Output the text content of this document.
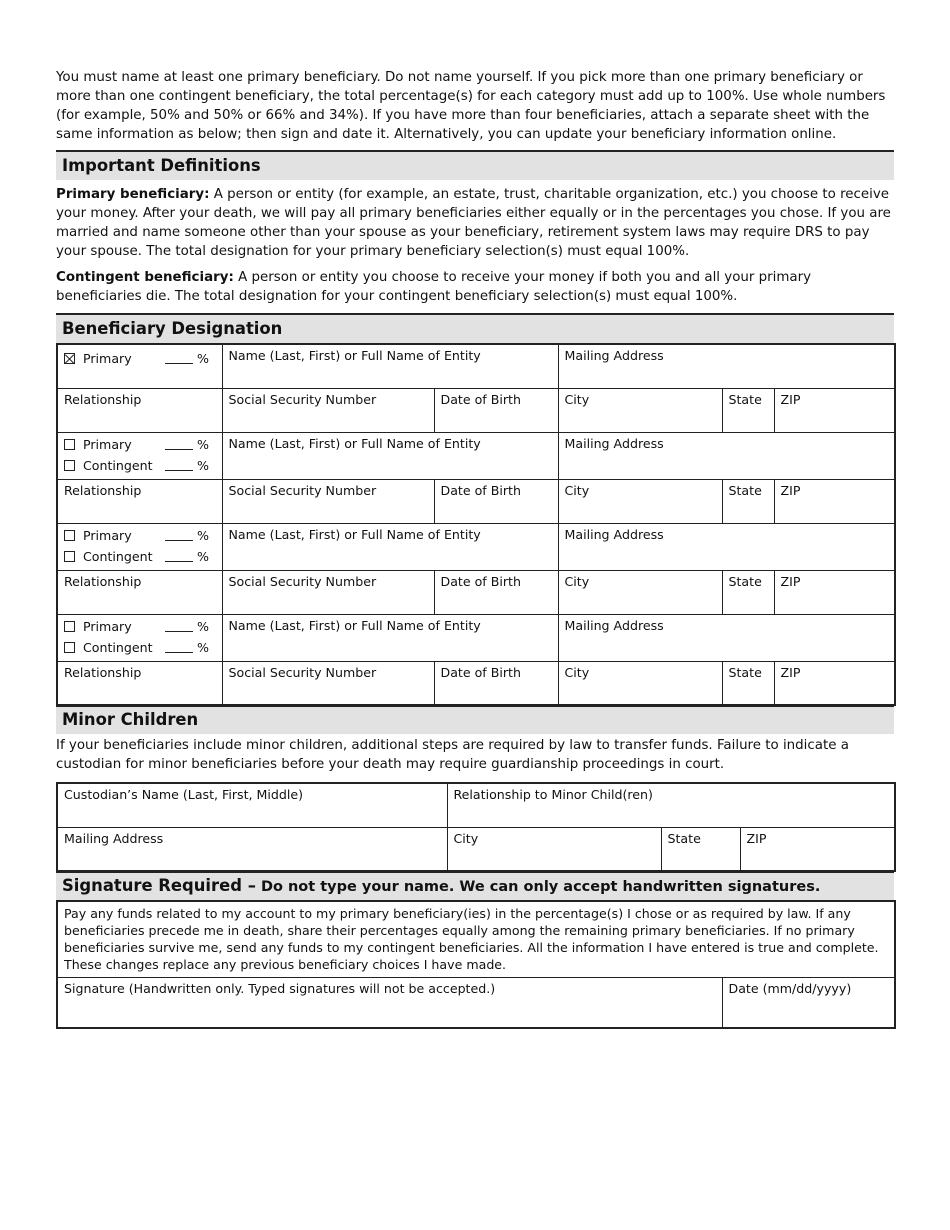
You must name at least one primary beneficiary. Do not name yourself. If you pick more than one primary beneficiary or more than one contingent beneficiary, the total percentage(s) for each category must add up to 100%. Use whole numbers (for example, 50% and 50% or 66% and 34%). If you have more than four beneficiaries, attach a separate sheet with the same information as below; then sign and date it. Alternatively, you can update your beneficiary information online.

Important Definitions

Primary beneficiary: A person or entity (for example, an estate, trust, charitable organization, etc.) you choose to receive your money. After your death, we will pay all primary beneficiaries either equally or in the percentages you chose. If you are married and name someone other than your spouse as your beneficiary, retirement system laws may require DRS to pay your spouse. The total designation for your primary beneficiary selection(s) must equal 100%.

Contingent beneficiary: A person or entity you choose to receive your money if both you and all your primary beneficiaries die. The total designation for your contingent beneficiary selection(s) must equal 100%.

Beneficiary Designation
Primary %	Name (Last, First) or Full Name of Entity		Mailing Address		
Relationship	Social Security Number	Date of Birth	City	State	ZIP

Primary %
Contingent %	Name (Last, First) or Full Name of Entity		Mailing Address		
Relationship	Social Security Number	Date of Birth	City	State	ZIP

Primary %
Contingent %	Name (Last, First) or Full Name of Entity		Mailing Address		
Relationship	Social Security Number	Date of Birth	City	State	ZIP

Primary %
Contingent %	Name (Last, First) or Full Name of Entity		Mailing Address		
Relationship	Social Security Number	Date of Birth	City	State	ZIP
Minor Children

If your beneficiaries include minor children, additional steps are required by law to transfer funds. Failure to indicate a custodian for minor beneficiaries before your death may require guardianship proceedings in court.

Custodian’s Name (Last, First, Middle)	Relationship to Minor Child(ren)		
Mailing Address	City	State	ZIP
Signature Required – Do not type your name. We can only accept handwritten signatures.
Pay any funds related to my account to my primary beneficiary(ies) in the percentage(s) I chose or as required by law. If any beneficiaries precede me in death, share their percentages equally among the remaining primary beneficiaries. If no primary beneficiaries survive me, send any funds to my contingent beneficiaries. All the information I have entered is true and complete. These changes replace any previous beneficiary choices I have made.

Signature (Handwritten only. Typed signatures will not be accepted.)	Date (mm/dd/yyyy)
